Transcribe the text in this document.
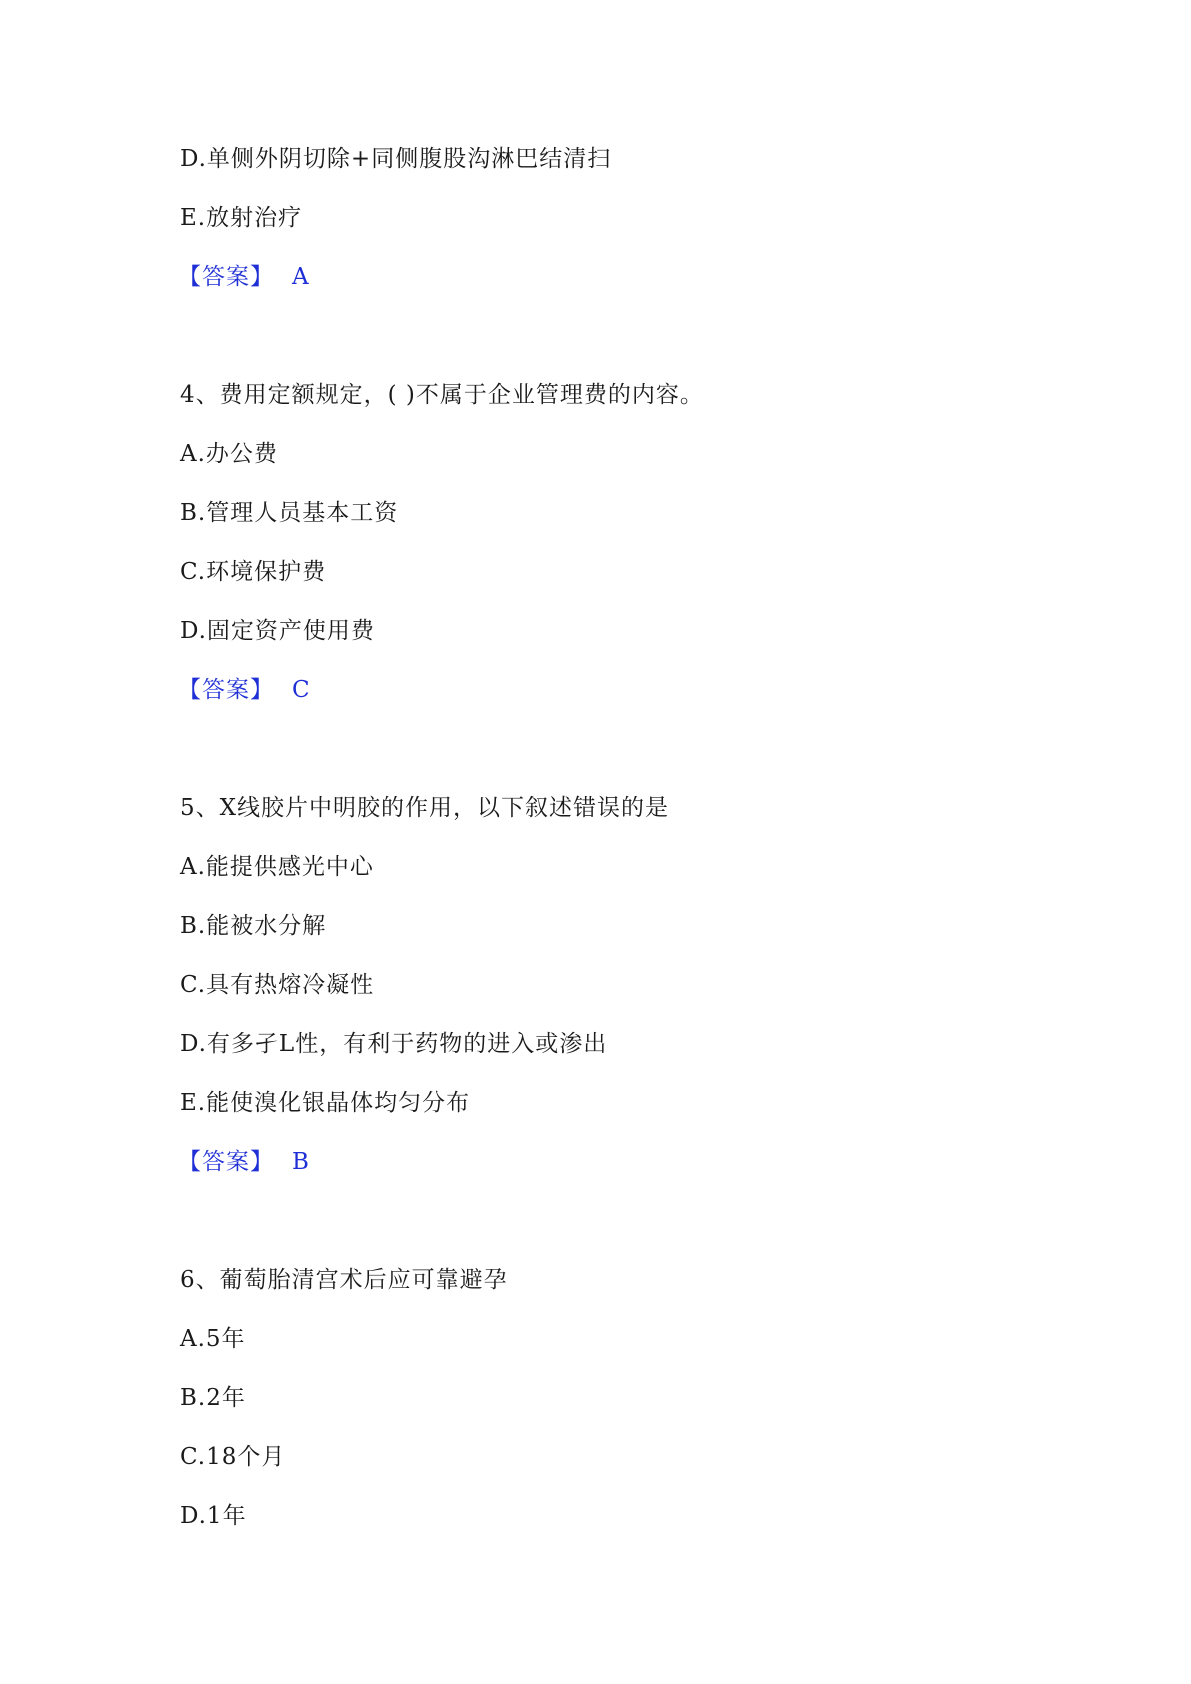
D.单侧外阴切除+同侧腹股沟淋巴结清扫
E.放射治疗
【答案】 A
4、费用定额规定，( )不属于企业管理费的内容。
A.办公费
B.管理人员基本工资
C.环境保护费
D.固定资产使用费
【答案】 C
5、X线胶片中明胶的作用，以下叙述错误的是
A.能提供感光中心
B.能被水分解
C.具有热熔冷凝性
D.有多孑L性，有利于药物的进入或渗出
E.能使溴化银晶体均匀分布
【答案】 B
6、葡萄胎清宫术后应可靠避孕
A.5年
B.2年
C.18个月
D.1年
